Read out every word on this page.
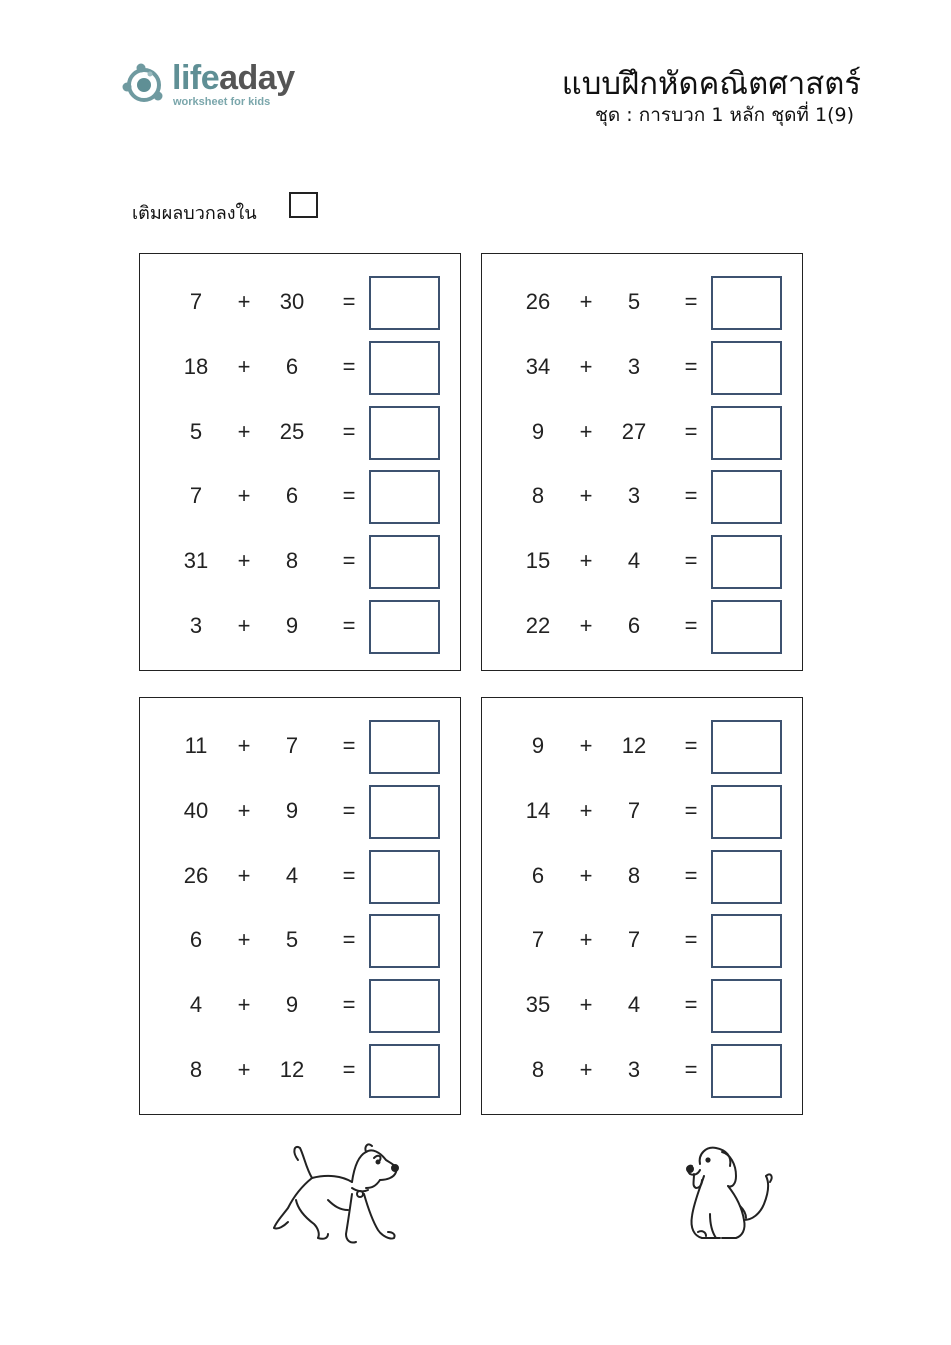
lifeaday
worksheet for kids	แบบฝึกหัดคณิตศาสตร์
ชุด : การบวก 1 หลัก ชุดที่ 1(9)
เติมผลบวกลงใน
7	+	30	=
18	+	6	=
5	+	25	=
7	+	6	=
31	+	8	=
3	+	9	=
26	+	5	=
34	+	3	=
9	+	27	=
8	+	3	=
15	+	4	=
22	+	6	=
11	+	7	=
40	+	9	=
26	+	4	=
6	+	5	=
4	+	9	=
8	+	12	=
9	+	12	=
14	+	7	=
6	+	8	=
7	+	7	=
35	+	4	=
8	+	3	=
